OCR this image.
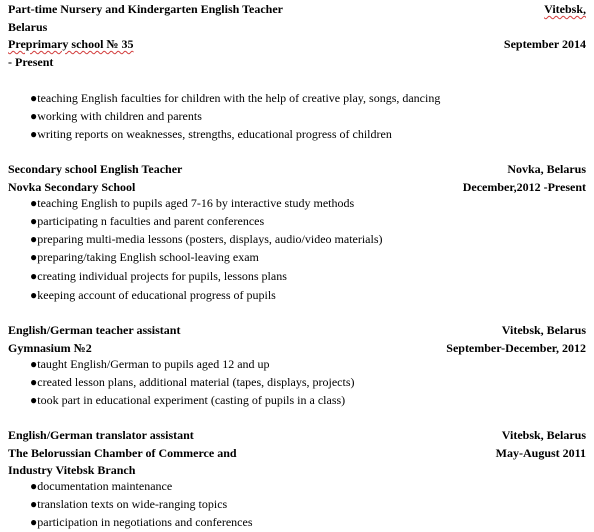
Part-time Nursery and Kindergarten English Teacher	Vitebsk,
Belarus
Preprimary school № 35	September 2014
- Present
●teaching English faculties for children with the help of creative play, songs, dancing
●working with children and parents
●writing reports on weaknesses, strengths, educational progress of children
Secondary school English Teacher	Novka, Belarus
Novka Secondary School	December,2012 -Present
●teaching English to pupils aged 7-16 by interactive study methods
●participating n faculties and parent conferences
●preparing multi-media lessons (posters, displays, audio/video materials)
●preparing/taking English school-leaving exam
●creating individual projects for pupils, lessons plans
●keeping account of educational progress of pupils
English/German teacher assistant	Vitebsk, Belarus
Gymnasium №2	September-December, 2012
●taught English/German to pupils aged 12 and up
●created lesson plans, additional material (tapes, displays, projects)
●took part in educational experiment (casting of pupils in a class)
English/German translator assistant	Vitebsk, Belarus
The Belorussian Chamber of Commerce and	May-August 2011
Industry Vitebsk Branch
●documentation maintenance
●translation texts on wide-ranging topics
●participation in negotiations and conferences
